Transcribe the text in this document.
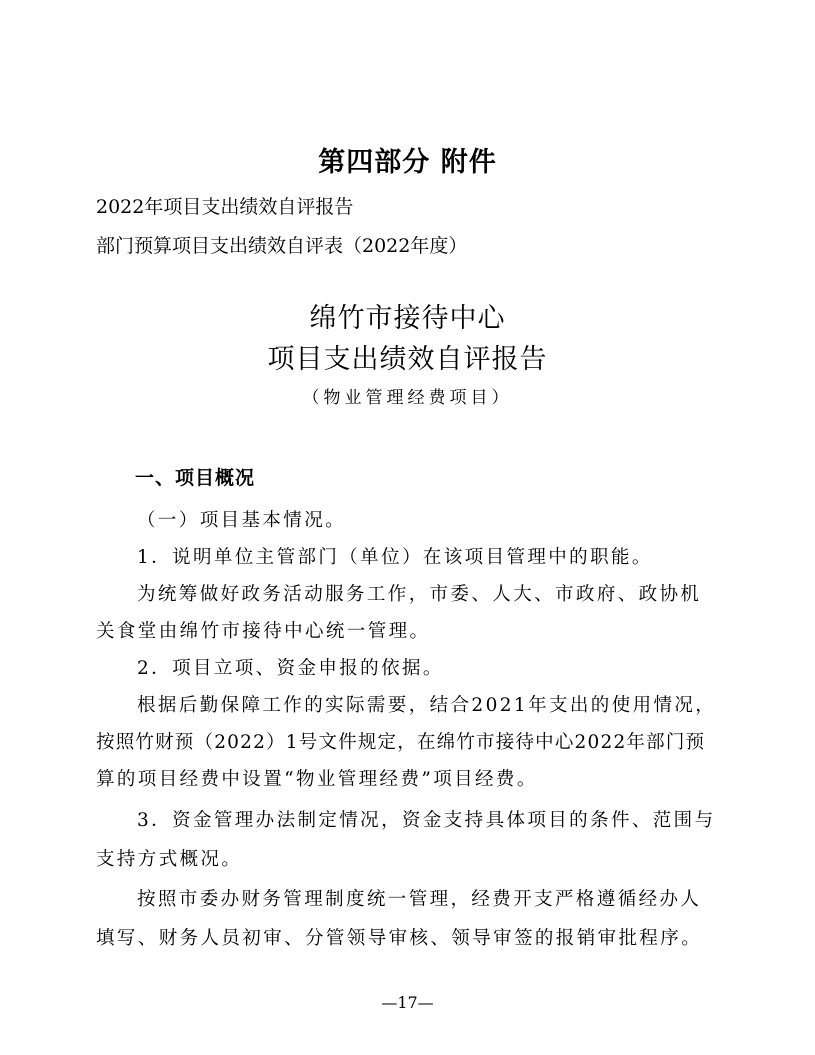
第四部分 附件
2022年项目支出绩效自评报告
部门预算项目支出绩效自评表（2022年度）
绵竹市接待中心
项目支出绩效自评报告
（物业管理经费项目）
一、项目概况
（一）项目基本情况。
1．说明单位主管部门（单位）在该项目管理中的职能。
为统筹做好政务活动服务工作，市委、人大、市政府、政协机
关食堂由绵竹市接待中心统一管理。
2．项目立项、资金申报的依据。
根据后勤保障工作的实际需要，结合2021年支出的使用情况，
按照竹财预（2022）1号文件规定，在绵竹市接待中心2022年部门预
算的项目经费中设置“物业管理经费”项目经费。
3．资金管理办法制定情况，资金支持具体项目的条件、范围与
支持方式概况。
按照市委办财务管理制度统一管理，经费开支严格遵循经办人
填写、财务人员初审、分管领导审核、领导审签的报销审批程序。
—17—
